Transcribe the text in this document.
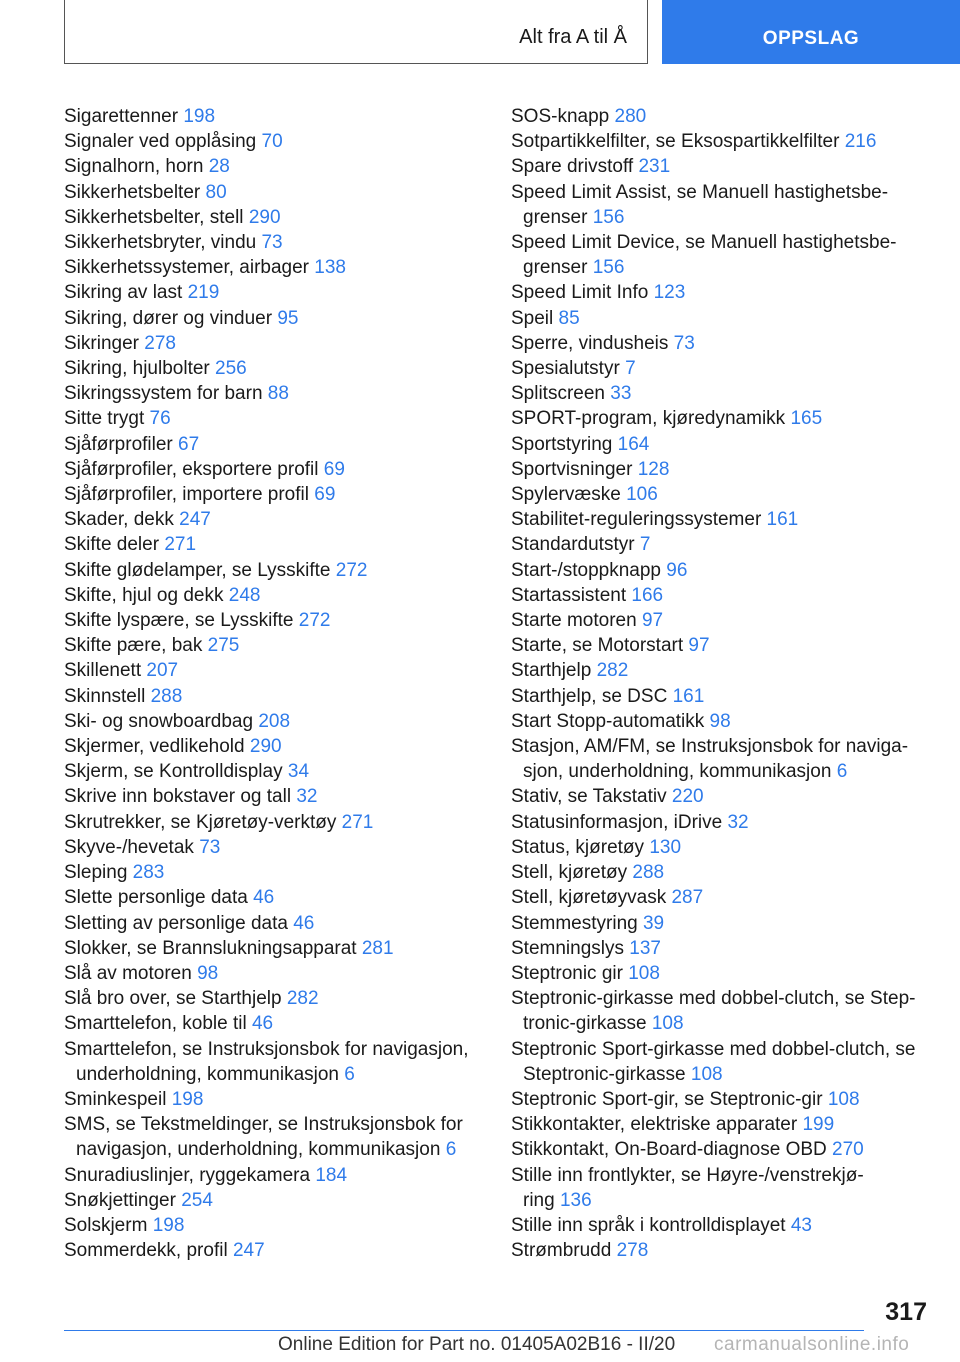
Alt fra A til Å	OPPSLAG
Sigarettenner 198
Signaler ved opplåsing 70
Signalhorn, horn 28
Sikkerhetsbelter 80
Sikkerhetsbelter, stell 290
Sikkerhetsbryter, vindu 73
Sikkerhetssystemer, airbager 138
Sikring av last 219
Sikring, dører og vinduer 95
Sikringer 278
Sikring, hjulbolter 256
Sikringssystem for barn 88
Sitte trygt 76
Sjåførprofiler 67
Sjåførprofiler, eksportere profil 69
Sjåførprofiler, importere profil 69
Skader, dekk 247
Skifte deler 271
Skifte glødelamper, se Lysskifte 272
Skifte, hjul og dekk 248
Skifte lyspære, se Lysskifte 272
Skifte pære, bak 275
Skillenett 207
Skinnstell 288
Ski- og snowboardbag 208
Skjermer, vedlikehold 290
Skjerm, se Kontrolldisplay 34
Skrive inn bokstaver og tall 32
Skrutrekker, se Kjøretøy-verktøy 271
Skyve-/hevetak 73
Sleping 283
Slette personlige data 46
Sletting av personlige data 46
Slokker, se Brannslukningsapparat 281
Slå av motoren 98
Slå bro over, se Starthjelp 282
Smarttelefon, koble til 46
Smarttelefon, se Instruksjonsbok for navigasjon,
underholdning, kommunikasjon 6
Sminkespeil 198
SMS, se Tekstmeldinger, se Instruksjonsbok for
navigasjon, underholdning, kommunikasjon 6
Snuradiuslinjer, ryggekamera 184
Snøkjettinger 254
Solskjerm 198
Sommerdekk, profil 247
SOS-knapp 280
Sotpartikkelfilter, se Eksospartikkelfilter 216
Spare drivstoff 231
Speed Limit Assist, se Manuell hastighetsbe‐
grenser 156
Speed Limit Device, se Manuell hastighetsbe‐
grenser 156
Speed Limit Info 123
Speil 85
Sperre, vindusheis 73
Spesialutstyr 7
Splitscreen 33
SPORT-program, kjøredynamikk 165
Sportstyring 164
Sportvisninger 128
Spylervæske 106
Stabilitet-reguleringssystemer 161
Standardutstyr 7
Start-/stoppknapp 96
Startassistent 166
Starte motoren 97
Starte, se Motorstart 97
Starthjelp 282
Starthjelp, se DSC 161
Start Stopp-automatikk 98
Stasjon, AM/FM, se Instruksjonsbok for naviga‐
sjon, underholdning, kommunikasjon 6
Stativ, se Takstativ 220
Statusinformasjon, iDrive 32
Status, kjøretøy 130
Stell, kjøretøy 288
Stell, kjøretøyvask 287
Stemmestyring 39
Stemningslys 137
Steptronic gir 108
Steptronic-girkasse med dobbel-clutch, se Step‐
tronic-girkasse 108
Steptronic Sport-girkasse med dobbel-clutch, se
Steptronic-girkasse 108
Steptronic Sport-gir, se Steptronic-gir 108
Stikkontakter, elektriske apparater 199
Stikkontakt, On-Board-diagnose OBD 270
Stille inn frontlykter, se Høyre-/venstrekjø‐
ring 136
Stille inn språk i kontrolldisplayet 43
Strømbrudd 278
317
Online Edition for Part no. 01405A02B16 - II/20 carmanualsonline.info
